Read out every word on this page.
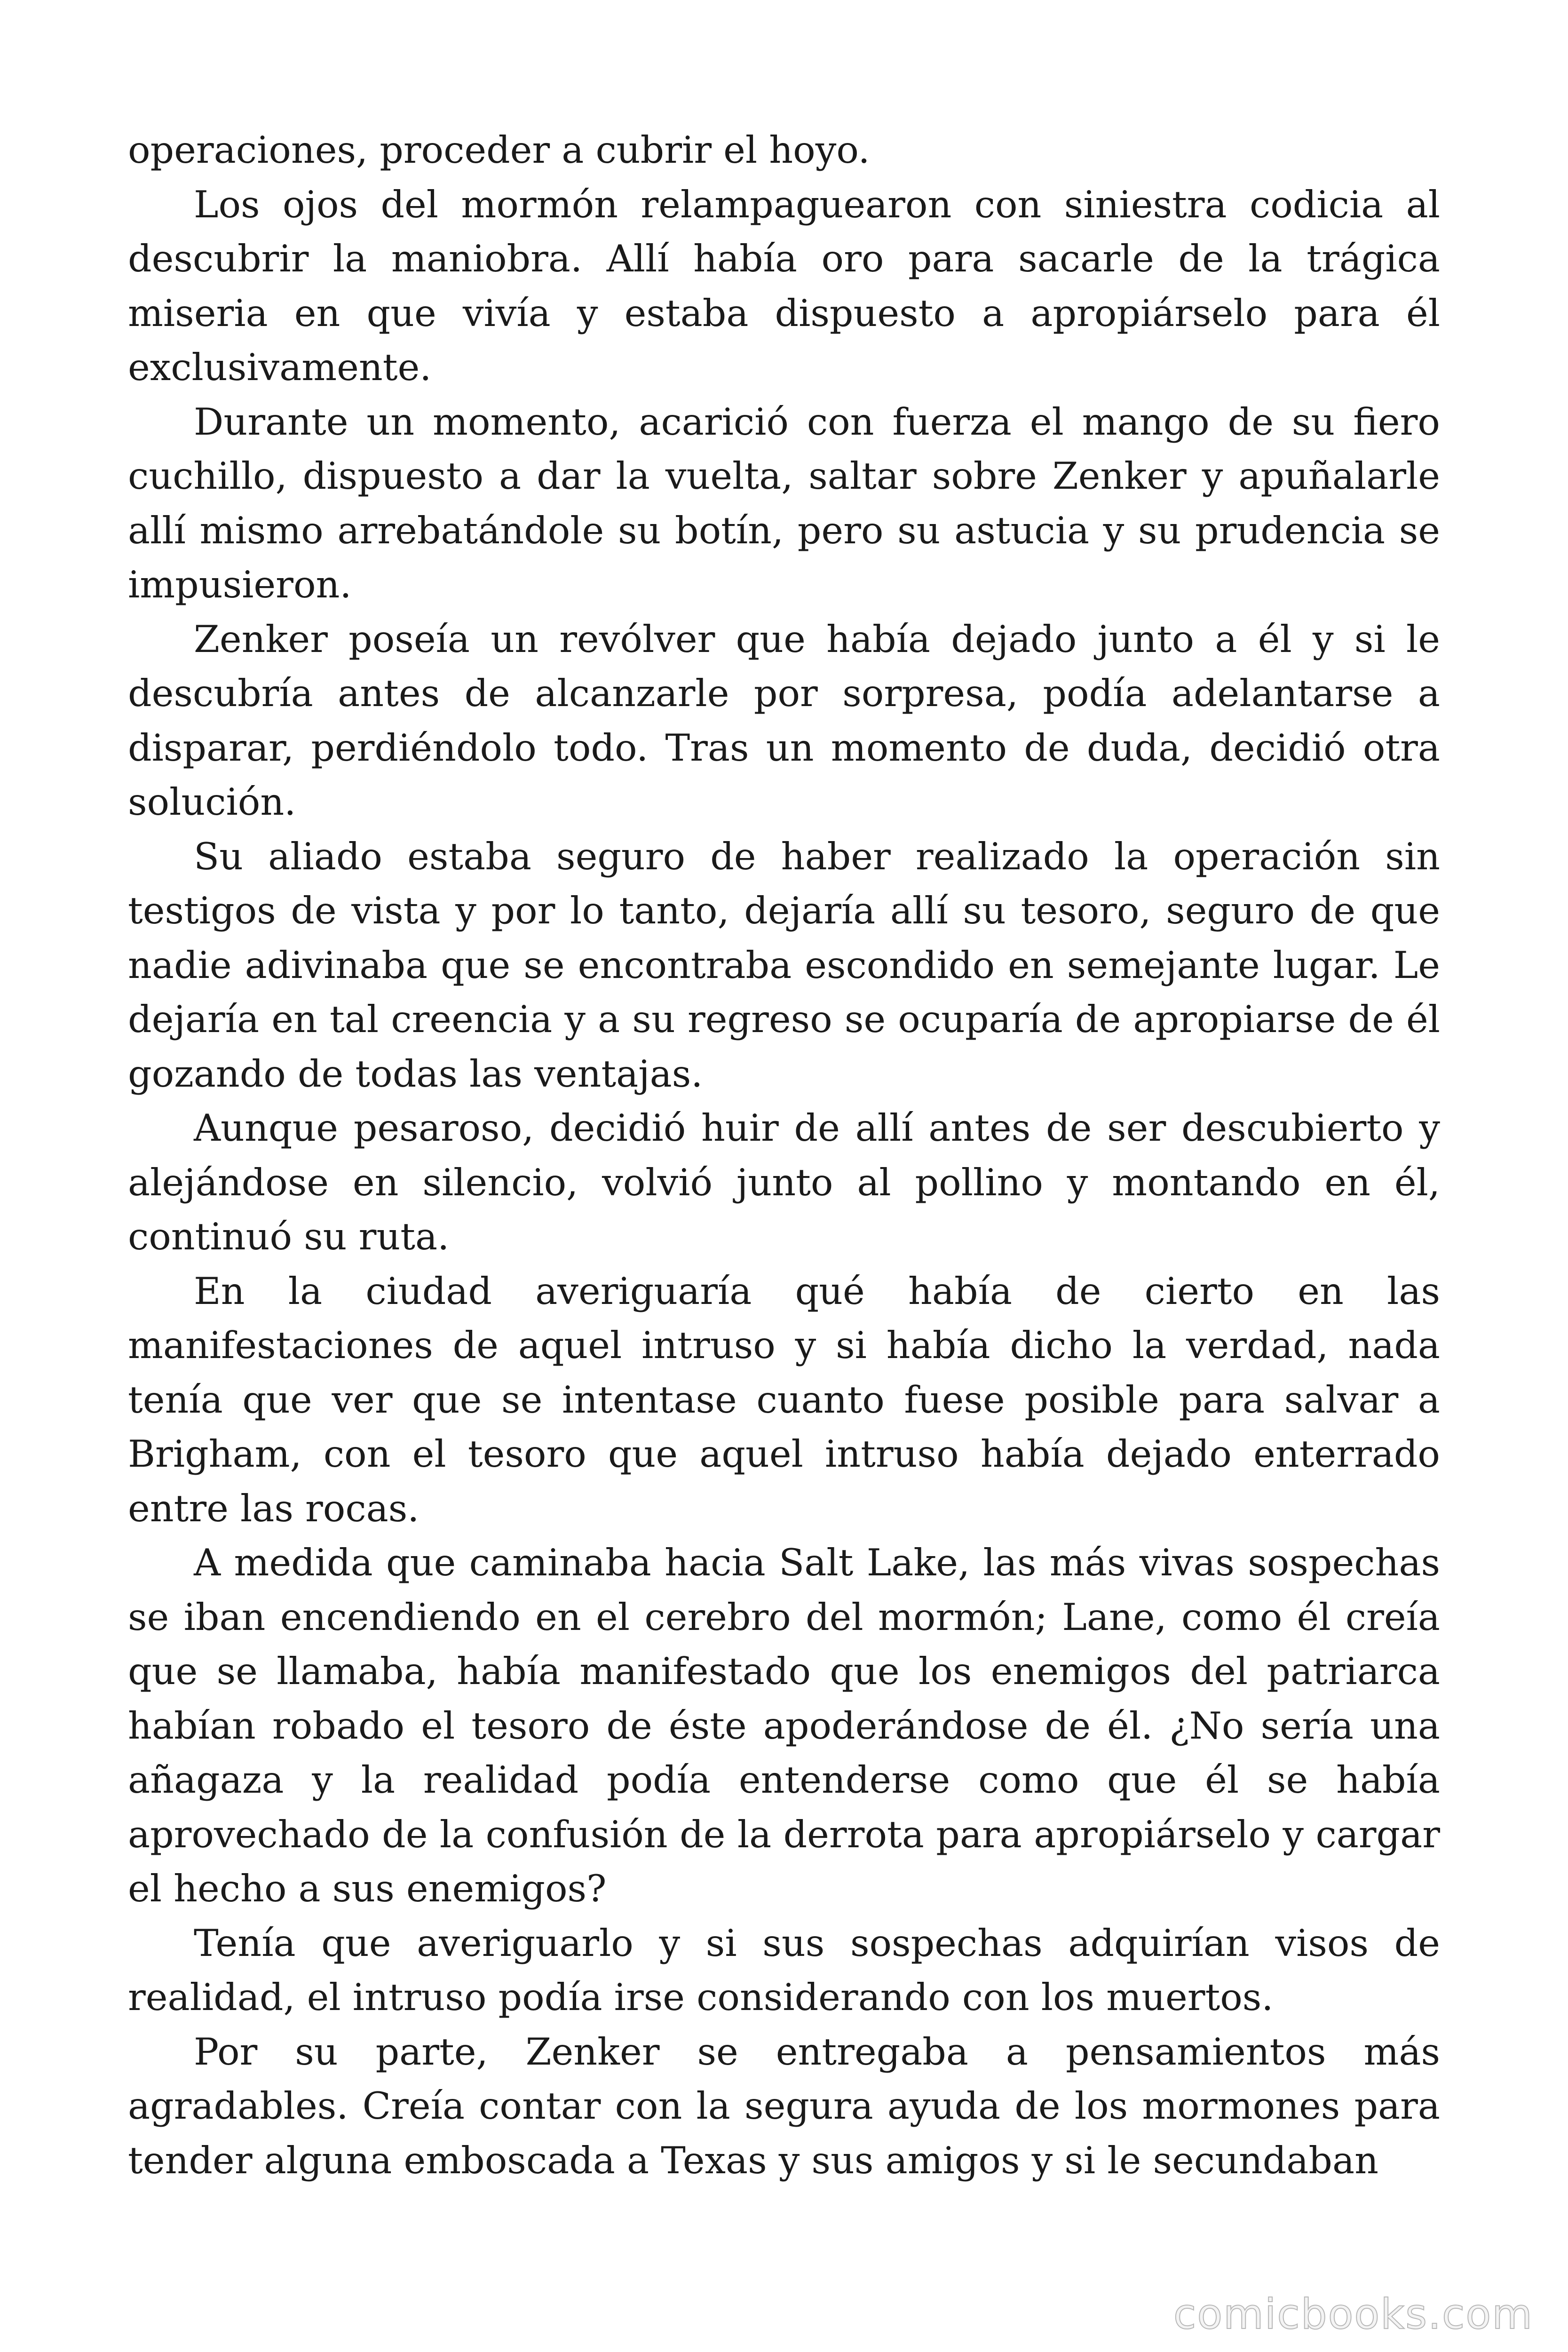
operaciones, proceder a cubrir el hoyo.

Los ojos del mormón relampaguearon con siniestra codicia al descubrir la maniobra. Allí había oro para sacarle de la trágica miseria en que vivía y estaba dispuesto a apropiárselo para él exclusivamente.

Durante un momento, acarició con fuerza el mango de su fiero cuchillo, dispuesto a dar la vuelta, saltar sobre Zenker y apuñalarle allí mismo arrebatándole su botín, pero su astucia y su prudencia se impusieron.

Zenker poseía un revólver que había dejado junto a él y si le descubría antes de alcanzarle por sorpresa, podía adelantarse a disparar, perdiéndolo todo. Tras un momento de duda, decidió otra solución.

Su aliado estaba seguro de haber realizado la operación sin testigos de vista y por lo tanto, dejaría allí su tesoro, seguro de que nadie adivinaba que se encontraba escondido en semejante lugar. Le dejaría en tal creencia y a su regreso se ocuparía de apropiarse de él gozando de todas las ventajas.

Aunque pesaroso, decidió huir de allí antes de ser descubierto y alejándose en silencio, volvió junto al pollino y montando en él, continuó su ruta.

En la ciudad averiguaría qué había de cierto en las manifestaciones de aquel intruso y si había dicho la verdad, nada tenía que ver que se intentase cuanto fuese posible para salvar a Brigham, con el tesoro que aquel intruso había dejado enterrado entre las rocas.

A medida que caminaba hacia Salt Lake, las más vivas sospechas se iban encendiendo en el cerebro del mormón; Lane, como él creía que se llamaba, había manifestado que los enemigos del patriarca habían robado el tesoro de éste apoderándose de él. ¿No sería una añagaza y la realidad podía entenderse como que él se había aprovechado de la confusión de la derrota para apropiárselo y cargar el hecho a sus enemigos?

Tenía que averiguarlo y si sus sospechas adquirían visos de realidad, el intruso podía irse considerando con los muertos.

Por su parte, Zenker se entregaba a pensamientos más agradables. Creía contar con la segura ayuda de los mormones para tender alguna emboscada a Texas y sus amigos y si le secundaban

comicbooks.com
